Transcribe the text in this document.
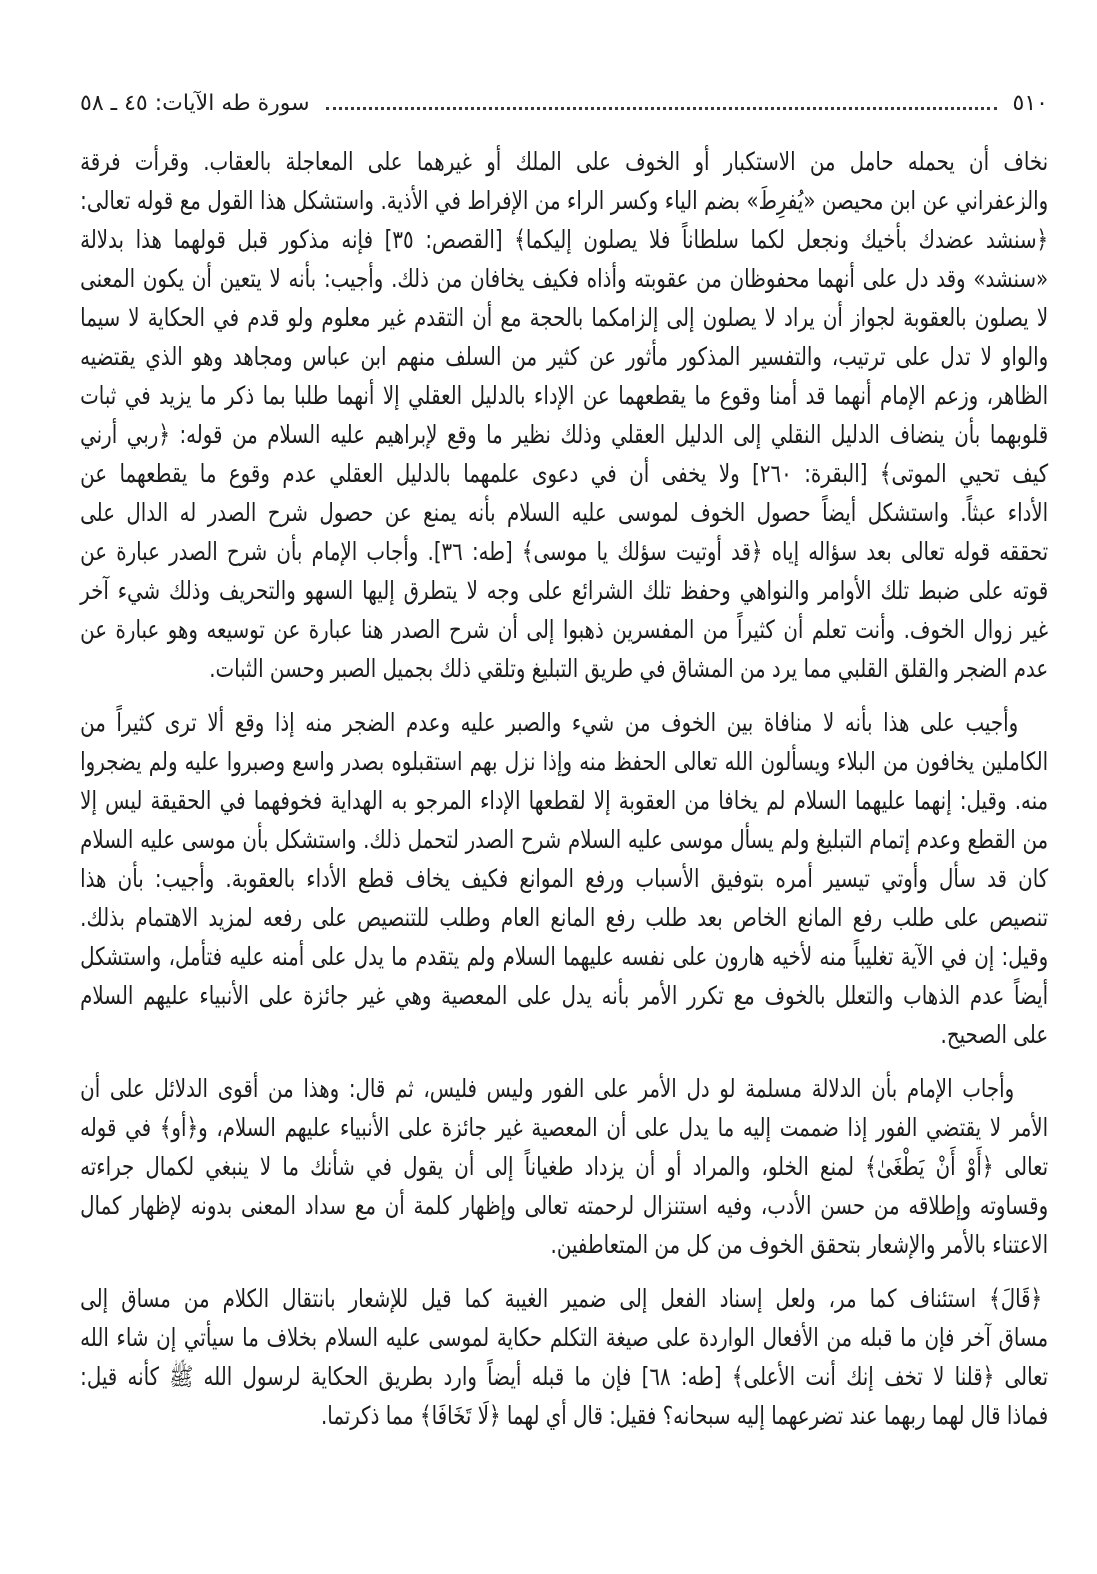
٥١٠
سورة طه الآيات: ٤٥ ـ ٥٨
نخاف أن يحمله حامل من الاستكبار أو الخوف على الملك أو غيرهما على المعاجلة بالعقاب. وقرأت فرقة
والزعفراني عن ابن محيصن «يُفرِطَ» بضم الياء وكسر الراء من الإفراط في الأذية. واستشكل هذا القول مع قوله تعالى:
﴿سنشد عضدك بأخيك ونجعل لكما سلطاناً فلا يصلون إليكما﴾ [القصص: ٣٥] فإنه مذكور قبل قولهما هذا بدلالة
«سنشد» وقد دل على أنهما محفوظان من عقوبته وأذاه فكيف يخافان من ذلك. وأجيب: بأنه لا يتعين أن يكون المعنى
لا يصلون بالعقوبة لجواز أن يراد لا يصلون إلى إلزامكما بالحجة مع أن التقدم غير معلوم ولو قدم في الحكاية لا سيما
والواو لا تدل على ترتيب، والتفسير المذكور مأثور عن كثير من السلف منهم ابن عباس ومجاهد وهو الذي يقتضيه
الظاهر، وزعم الإمام أنهما قد أمنا وقوع ما يقطعهما عن الإداء بالدليل العقلي إلا أنهما طلبا بما ذكر ما يزيد في ثبات
قلوبهما بأن ينضاف الدليل النقلي إلى الدليل العقلي وذلك نظير ما وقع لإبراهيم عليه السلام من قوله: ﴿ربي أرني
كيف تحيي الموتى﴾ [البقرة: ٢٦٠] ولا يخفى أن في دعوى علمهما بالدليل العقلي عدم وقوع ما يقطعهما عن
الأداء عبثاً. واستشكل أيضاً حصول الخوف لموسى عليه السلام بأنه يمنع عن حصول شرح الصدر له الدال على
تحققه قوله تعالى بعد سؤاله إياه ﴿قد أوتيت سؤلك يا موسى﴾ [طه: ٣٦]. وأجاب الإمام بأن شرح الصدر عبارة عن
قوته على ضبط تلك الأوامر والنواهي وحفظ تلك الشرائع على وجه لا يتطرق إليها السهو والتحريف وذلك شيء آخر
غير زوال الخوف. وأنت تعلم أن كثيراً من المفسرين ذهبوا إلى أن شرح الصدر هنا عبارة عن توسيعه وهو عبارة عن
عدم الضجر والقلق القلبي مما يرد من المشاق في طريق التبليغ وتلقي ذلك بجميل الصبر وحسن الثبات.
وأجيب على هذا بأنه لا منافاة بين الخوف من شيء والصبر عليه وعدم الضجر منه إذا وقع ألا ترى كثيراً من
الكاملين يخافون من البلاء ويسألون الله تعالى الحفظ منه وإذا نزل بهم استقبلوه بصدر واسع وصبروا عليه ولم يضجروا
منه. وقيل: إنهما عليهما السلام لم يخافا من العقوبة إلا لقطعها الإداء المرجو به الهداية فخوفهما في الحقيقة ليس إلا
من القطع وعدم إتمام التبليغ ولم يسأل موسى عليه السلام شرح الصدر لتحمل ذلك. واستشكل بأن موسى عليه السلام
كان قد سأل وأوتي تيسير أمره بتوفيق الأسباب ورفع الموانع فكيف يخاف قطع الأداء بالعقوبة. وأجيب: بأن هذا
تنصيص على طلب رفع المانع الخاص بعد طلب رفع المانع العام وطلب للتنصيص على رفعه لمزيد الاهتمام بذلك.
وقيل: إن في الآية تغليباً منه لأخيه هارون على نفسه عليهما السلام ولم يتقدم ما يدل على أمنه عليه فتأمل، واستشكل
أيضاً عدم الذهاب والتعلل بالخوف مع تكرر الأمر بأنه يدل على المعصية وهي غير جائزة على الأنبياء عليهم السلام
على الصحيح.
وأجاب الإمام بأن الدلالة مسلمة لو دل الأمر على الفور وليس فليس، ثم قال: وهذا من أقوى الدلائل على أن
الأمر لا يقتضي الفور إذا ضممت إليه ما يدل على أن المعصية غير جائزة على الأنبياء عليهم السلام، و﴿أو﴾ في قوله
تعالى ﴿أَوْ أَنْ يَطْغَىٰ﴾ لمنع الخلو، والمراد أو أن يزداد طغياناً إلى أن يقول في شأنك ما لا ينبغي لكمال جراءته
وقساوته وإطلاقه من حسن الأدب، وفيه استنزال لرحمته تعالى وإظهار كلمة أن مع سداد المعنى بدونه لإظهار كمال
الاعتناء بالأمر والإشعار بتحقق الخوف من كل من المتعاطفين.
﴿قَالَ﴾ استئناف كما مر، ولعل إسناد الفعل إلى ضمير الغيبة كما قيل للإشعار بانتقال الكلام من مساق إلى
مساق آخر فإن ما قبله من الأفعال الواردة على صيغة التكلم حكاية لموسى عليه السلام بخلاف ما سيأتي إن شاء الله
تعالى ﴿قلنا لا تخف إنك أنت الأعلى﴾ [طه: ٦٨] فإن ما قبله أيضاً وارد بطريق الحكاية لرسول الله ﷺ كأنه قيل:
فماذا قال لهما ربهما عند تضرعهما إليه سبحانه؟ فقيل: قال أي لهما ﴿لَا تَخَافَا﴾ مما ذكرتما.
